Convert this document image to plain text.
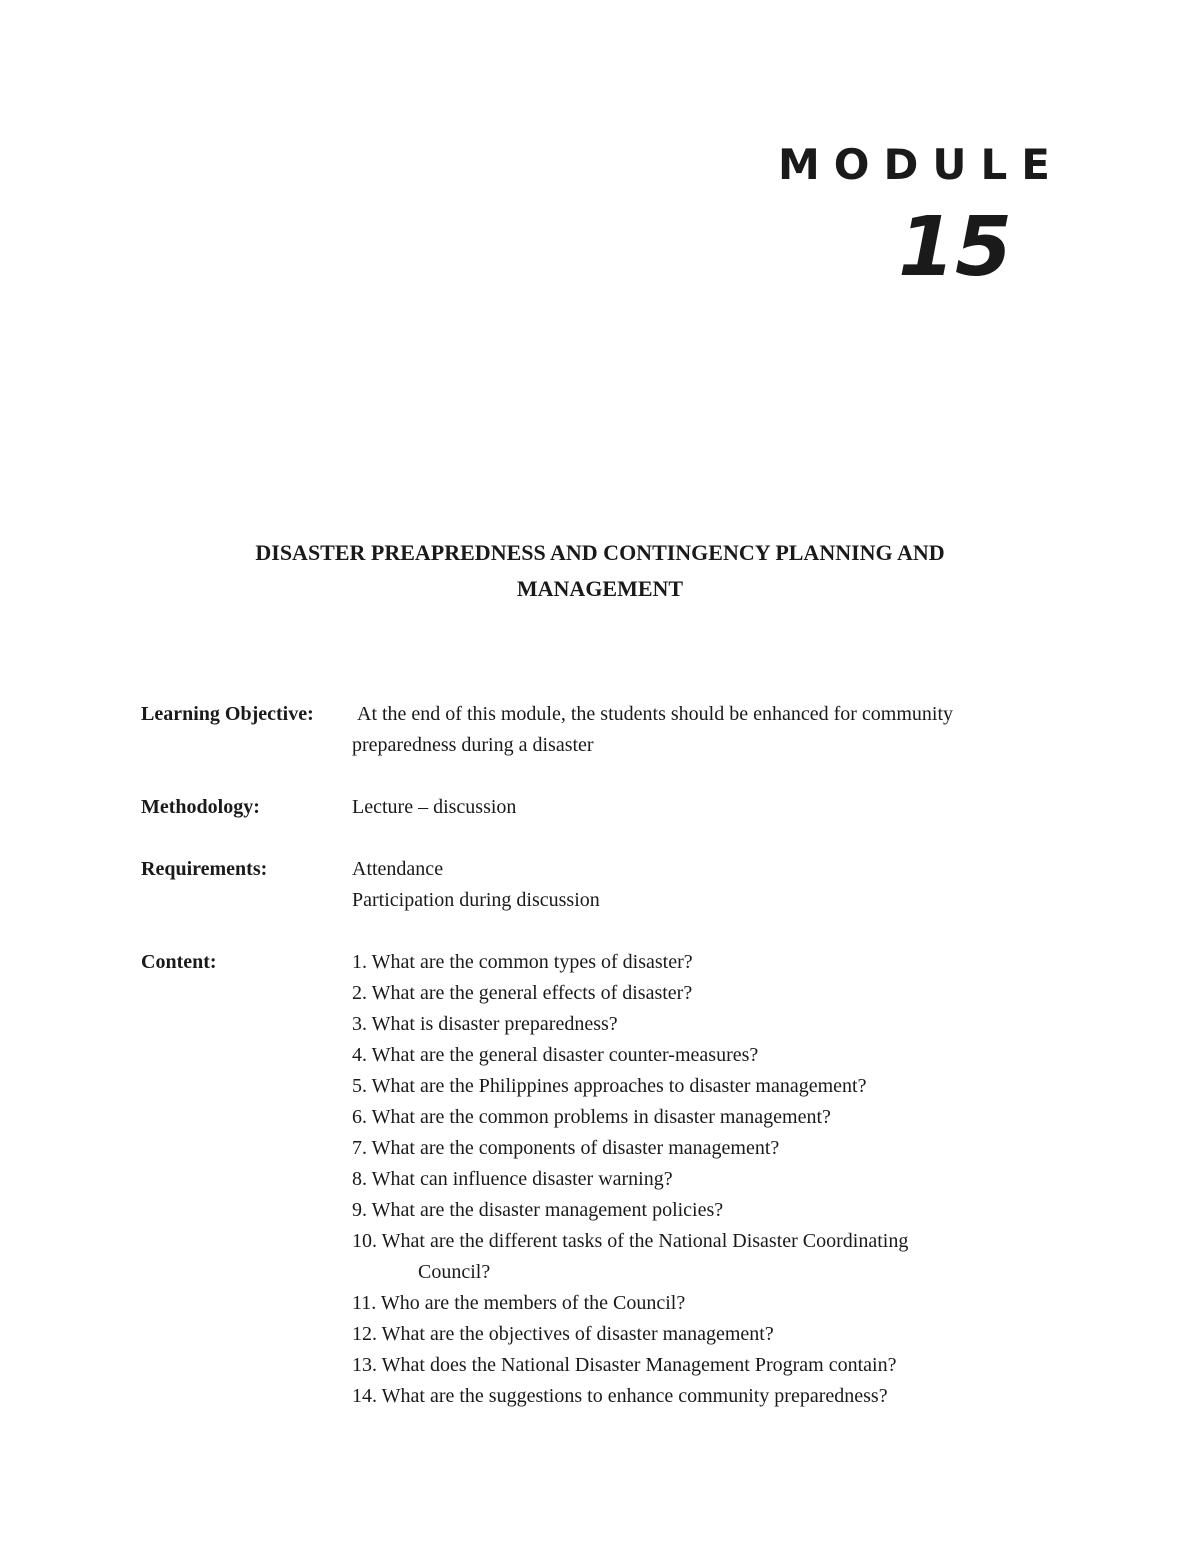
MODULE
15
DISASTER PREAPREDNESS AND CONTINGENCY PLANNING AND
MANAGEMENT
Learning Objective: At the end of this module, the students should be enhanced for community
preparedness during a disaster
Methodology:	Lecture – discussion
Requirements:	Attendance
Participation during discussion
Content:	1. What are the common types of disaster?
2. What are the general effects of disaster?
3. What is disaster preparedness?
4. What are the general disaster counter-measures?
5. What are the Philippines approaches to disaster management?
6. What are the common problems in disaster management?
7. What are the components of disaster management?
8. What can influence disaster warning?
9. What are the disaster management policies?
10. What are the different tasks of the National Disaster Coordinating
Council?
11. Who are the members of the Council?
12. What are the objectives of disaster management?
13. What does the National Disaster Management Program contain?
14. What are the suggestions to enhance community preparedness?
